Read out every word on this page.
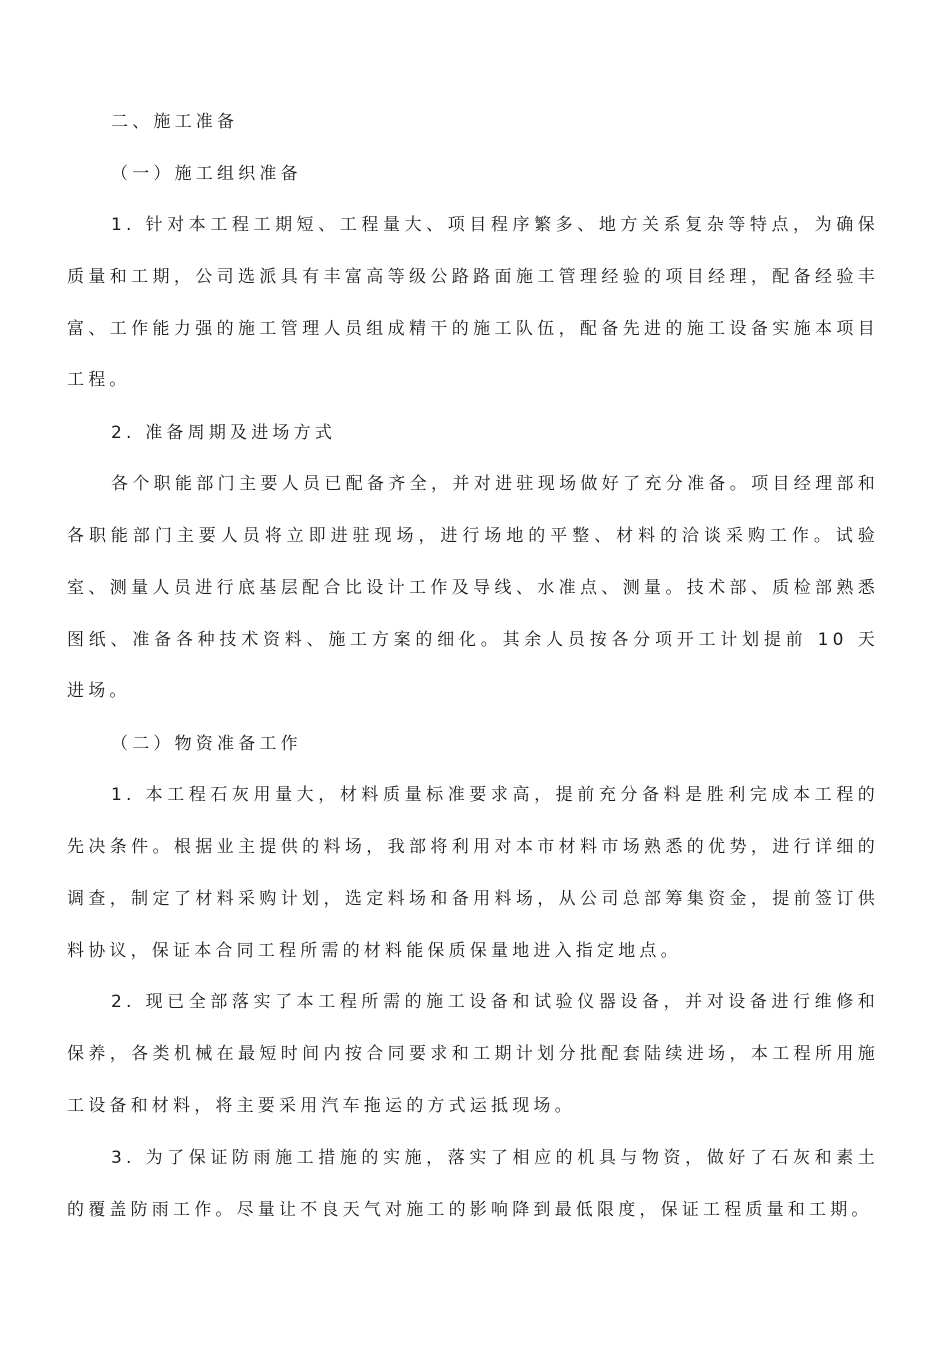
二、施工准备

（一）施工组织准备

1. 针对本工程工期短、工程量大、项目程序繁多、地方关系复杂等特点，为确保质量和工期，公司选派具有丰富高等级公路路面施工管理经验的项目经理，配备经验丰富、工作能力强的施工管理人员组成精干的施工队伍，配备先进的施工设备实施本项目工程。

2. 准备周期及进场方式

各个职能部门主要人员已配备齐全，并对进驻现场做好了充分准备。项目经理部和各职能部门主要人员将立即进驻现场，进行场地的平整、材料的洽谈采购工作。试验室、测量人员进行底基层配合比设计工作及导线、水准点、测量。技术部、质检部熟悉图纸、准备各种技术资料、施工方案的细化。其余人员按各分项开工计划提前 10 天进场。

（二）物资准备工作

1. 本工程石灰用量大，材料质量标准要求高，提前充分备料是胜利完成本工程的先决条件。根据业主提供的料场，我部将利用对本市材料市场熟悉的优势，进行详细的调查，制定了材料采购计划，选定料场和备用料场，从公司总部筹集资金，提前签订供料协议，保证本合同工程所需的材料能保质保量地进入指定地点。

2. 现已全部落实了本工程所需的施工设备和试验仪器设备，并对设备进行维修和保养，各类机械在最短时间内按合同要求和工期计划分批配套陆续进场，本工程所用施工设备和材料，将主要采用汽车拖运的方式运抵现场。

3. 为了保证防雨施工措施的实施，落实了相应的机具与物资，做好了石灰和素土的覆盖防雨工作。尽量让不良天气对施工的影响降到最低限度，保证工程质量和工期。
